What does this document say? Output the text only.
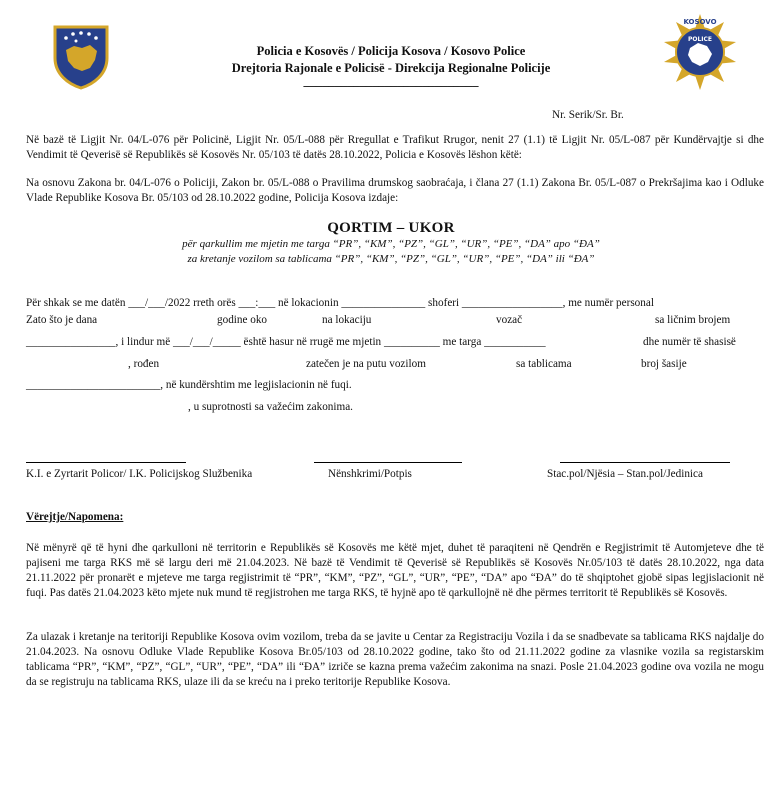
POLICE
KOSOVO
Policia e Kosovës / Policija Kosova / Kosovo Police
Drejtoria Rajonale e Policisë - Direkcija Regionalne Policije
____________________________
Nr. Serik/Sr. Br.
Në bazë të Ligjit Nr. 04/L-076 për Policinë, Ligjit Nr. 05/L-088 për Rregullat e Trafikut Rrugor, nenit 27 (1.1) të Ligjit Nr. 05/L-087 për Kundërvajtje si dhe Vendimit të Qeverisë së Republikës së Kosovës Nr. 05/103 të datës 28.10.2022, Policia e Kosovës lëshon këtë:
Na osnovu Zakona br. 04/L-076 o Policiji, Zakon br. 05/L-088 o Pravilima drumskog saobraćaja, i člana 27 (1.1) Zakona Br. 05/L-087 o Prekršajima kao i Odluke Vlade Republike Kosova Br. 05/103 od 28.10.2022 godine, Policija Kosova izdaje:
QORTIM – UKOR
për qarkullim me mjetin me targa “PR”, “KM”, “PZ”, “GL”, “UR”, “PE”, “DA” apo “ÐA”
za kretanje vozilom sa tablicama “PR”, “KM”, “PZ”, “GL”, “UR”, “PE”, “DA” ili “ÐA”
Për shkak se me datën ___/___/2022 rreth orës ___:___ në lokacionin _______________ shoferi __________________, me numër personal
Zato što je dana	godine oko	na lokaciju	vozač	sa ličnim brojem
________________, i lindur më ___/___/_____ është hasur në rrugë me mjetin __________ me targa ___________	dhe numër të shasisë
, rođen	zatečen je na putu vozilom	sa tablicama	broj šasije
________________________, në kundërshtim me legjislacionin në fuqi.
, u suprotnosti sa važećim zakonima.
K.I. e Zyrtarit Policor/ I.K. Policijskog Službenika	Nënshkrimi/Potpis	Stac.pol/Njësia – Stan.pol/Jedinica
Vërejtje/Napomena:
Në mënyrë që të hyni dhe qarkulloni në territorin e Republikës së Kosovës me këtë mjet, duhet të paraqiteni në Qendrën e Regjistrimit të Automjeteve dhe të pajiseni me targa RKS më së largu deri më 21.04.2023. Në bazë të Vendimit të Qeverisë së Republikës së Kosovës Nr.05/103 të datës 28.10.2022, nga data 21.11.2022 për pronarët e mjeteve me targa regjistrimit të “PR”, “KM”, “PZ”, “GL”, “UR”, “PE”, “DA” apo “ÐA” do të shqiptohet gjobë sipas legjislacionit në fuqi. Pas datës 21.04.2023 këto mjete nuk mund të regjistrohen me targa RKS, të hyjnë apo të qarkullojnë në dhe përmes territorit të Republikës së Kosovës.
Za ulazak i kretanje na teritoriji Republike Kosova ovim vozilom, treba da se javite u Centar za Registraciju Vozila i da se snadbevate sa tablicama RKS najdalje do 21.04.2023. Na osnovu Odluke Vlade Republike Kosova Br.05/103 od 28.10.2022 godine, tako što od 21.11.2022 godine za vlasnike vozila sa registarskim tablicama “PR”, “KM”, “PZ”, “GL”, “UR”, “PE”, “DA” ili “ÐA” izriče se kazna prema važećim zakonima na snazi. Posle 21.04.2023 godine ova vozila ne mogu da se registruju na tablicama RKS, ulaze ili da se kreću na i preko teritorije Republike Kosova.
